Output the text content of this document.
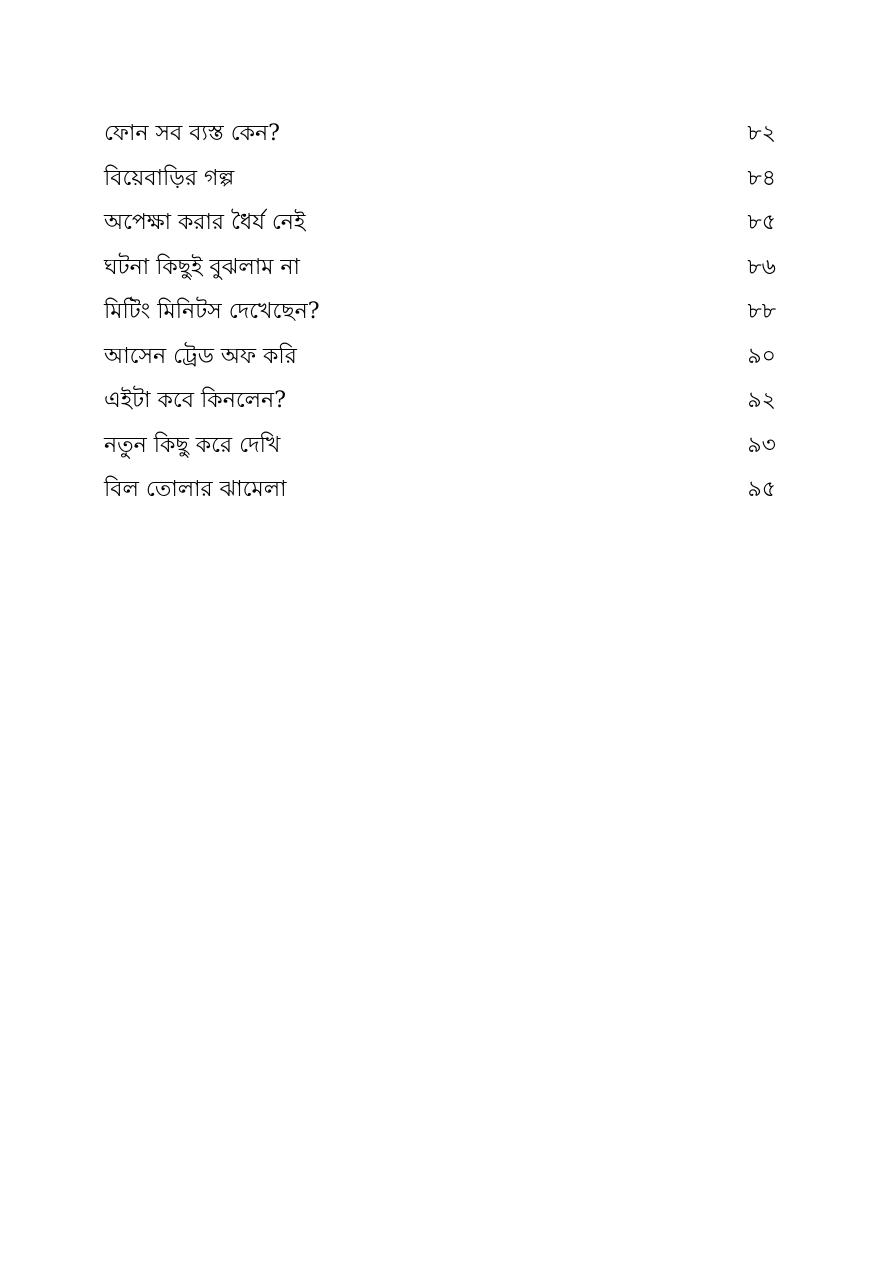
ফোন সব ব্যস্ত কেন?	৮২
বিয়েবাড়ির গল্প	৮৪
অপেক্ষা করার ধৈর্য নেই	৮৫
ঘটনা কিছুই বুঝলাম না	৮৬
মিটিং মিনিটস দেখেছেন?	৮৮
আসেন ট্রেড অফ করি	৯০
এইটা কবে কিনলেন?	৯২
নতুন কিছু করে দেখি	৯৩
বিল তোলার ঝামেলা	৯৫
